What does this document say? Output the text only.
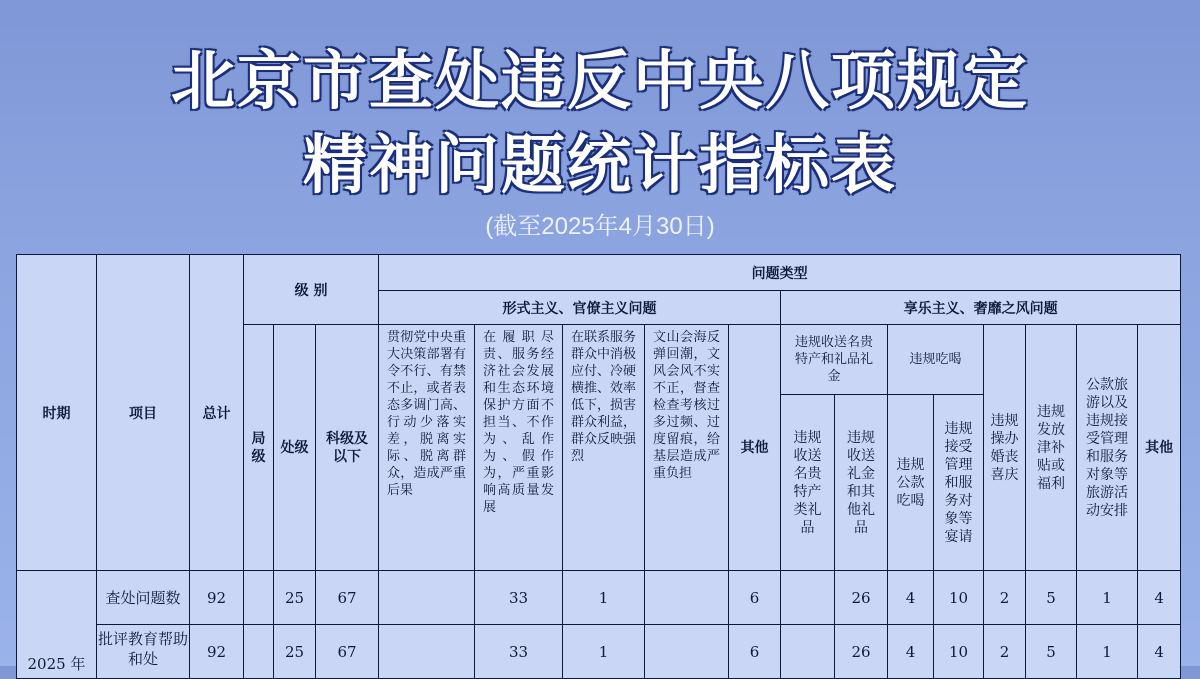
北京市查处违反中央八项规定
精神问题统计指标表
(截至2025年4月30日)
时期	项目	总计	级 别			问题类型												
						形式主义、官僚主义问题					享乐主义、奢靡之风问题							
			局级	处级	科级及以下	贯彻党中央重大决策部署有令不行、有禁不止，或者表态多调门高、行动少落实差，脱离实际、脱离群众，造成严重后果	在履职尽责、服务经济社会发展和生态环境保护方面不担当、不作为、乱作为、假作为，严重影响高质量发展	在联系服务群众中消极应付、冷硬横推、效率低下，损害群众利益，群众反映强烈	文山会海反弹回潮，文风会风不实不正，督查检查考核过多过频、过度留痕，给基层造成严重负担	其他	违规收送名贵特产和礼品礼金		违规吃喝		违规操办婚丧喜庆	违规发放津补贴或福利	公款旅游以及违规接受管理和服务对象等旅游活动安排	其他
											违规收送名贵特产类礼品	违规收送礼金和其他礼品	违规公款吃喝	违规接受管理和服务对象等宴请				
2025 年	查处问题数	92		25	67		33	1		6		26	4	10	2	5	1	4
	批评教育帮助和处	92		25	67		33	1		6		26	4	10	2	5	1	4
